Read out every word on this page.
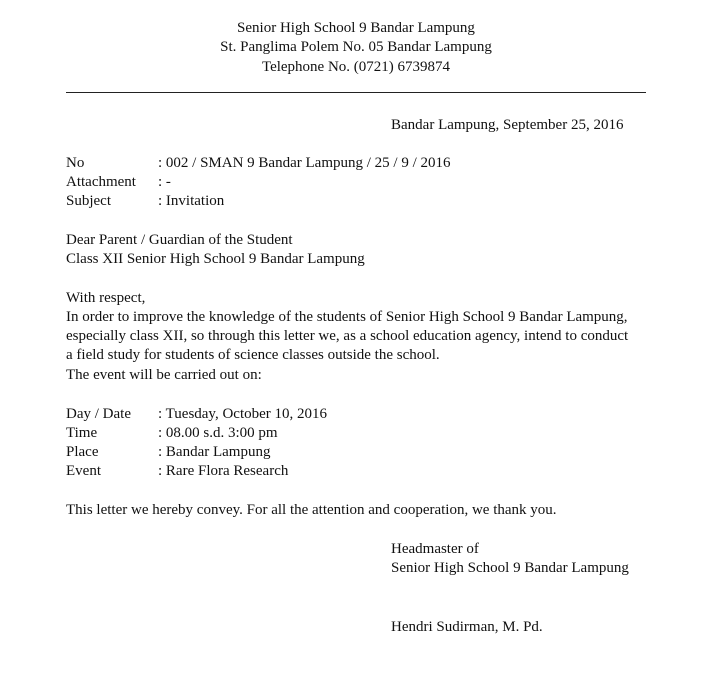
Senior High School 9 Bandar Lampung
St. Panglima Polem No. 05 Bandar Lampung
Telephone No. (0721) 6739874
Bandar Lampung, September 25, 2016
No	: 002 / SMAN 9 Bandar Lampung / 25 / 9 / 2016
Attachment : -
Subject	: Invitation
Dear Parent / Guardian of the Student
Class XII Senior High School 9 Bandar Lampung
With respect,
In order to improve the knowledge of the students of Senior High School 9 Bandar Lampung,
especially class XII, so through this letter we, as a school education agency, intend to conduct
a field study for students of science classes outside the school.
The event will be carried out on:
Day / Date : Tuesday, October 10, 2016
Time	: 08.00 s.d. 3:00 pm
Place	: Bandar Lampung
Event	: Rare Flora Research
This letter we hereby convey. For all the attention and cooperation, we thank you.
Headmaster of
Senior High School 9 Bandar Lampung
Hendri Sudirman, M. Pd.
